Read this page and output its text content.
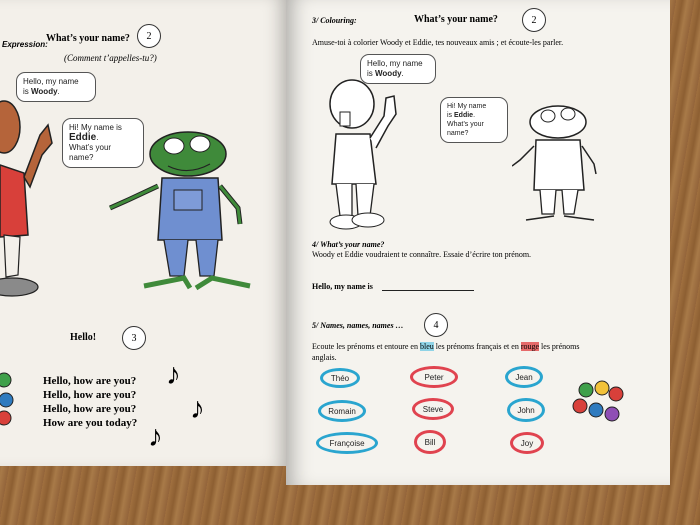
Expression:
What’s your name?	2
(Comment t’appelles-tu?)
Hello, my name
is Woody.
Hi! My name is
Eddie.
What’s your
name?
Hello!	3
Hello, how are you?
Hello, how are you?
Hello, how are you?
How are you today?
♪
♪
♪
3/ Colouring:	What’s your name?	2
Amuse-toi à colorier Woody et Eddie, tes nouveaux amis ; et écoute-les parler.
Hello, my name
is Woody.
Hi! My name
is Eddie.
What’s your
name?
4/ What’s your name?
Woody et Eddie voudraient te connaître. Essaie d’écrire ton prénom.
Hello, my name is
5/ Names, names, names …	4
Ecoute les prénoms et entoure en bleu les prénoms français et en rouge les prénoms
anglais.
Théo	Peter	Jean
Romain	Steve	John
Françoise	Bill	Joy
